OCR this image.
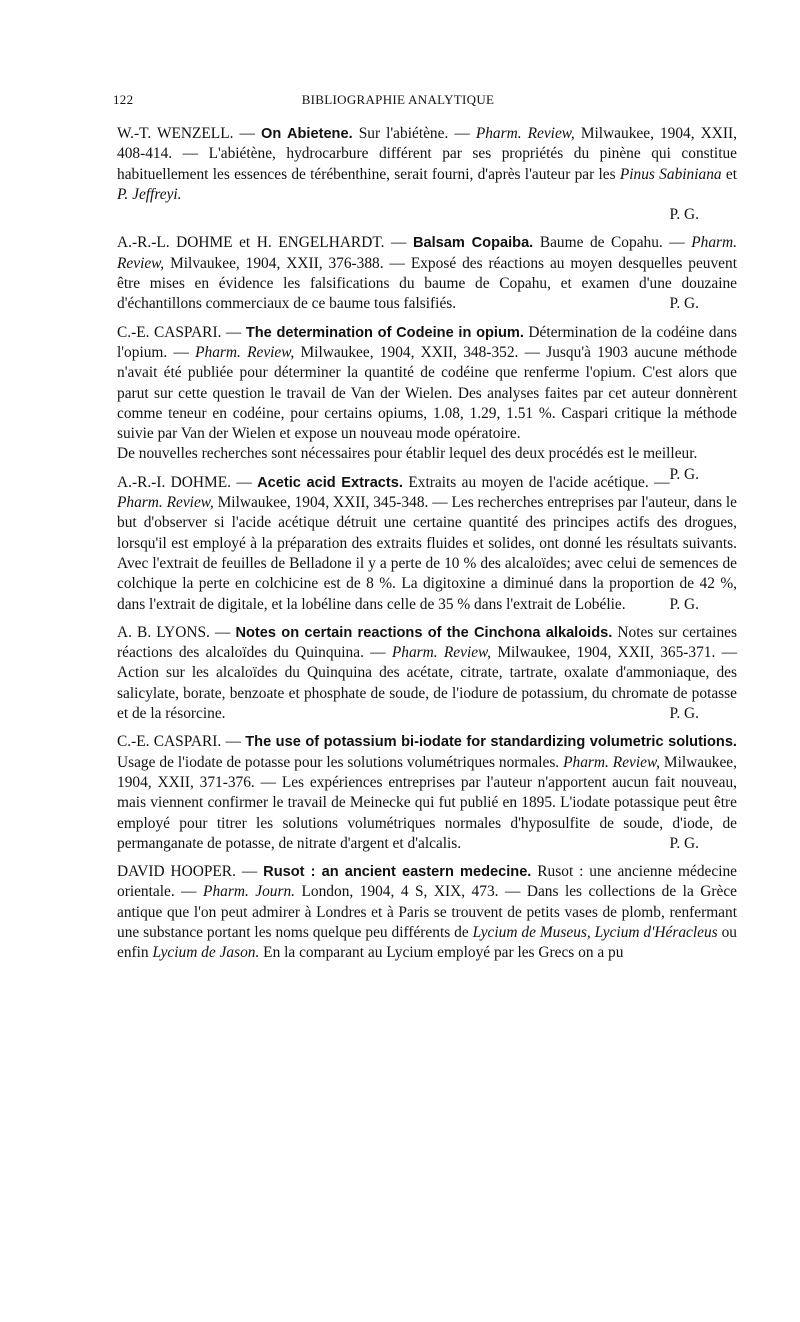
122	BIBLIOGRAPHIE ANALYTIQUE

W.-T. WENZELL. — On Abietene. Sur l'abiétène. — Pharm. Review, Milwaukee, 1904, XXII, 408-414. — L'abiétène, hydrocarbure différent par ses propriétés du pinène qui constitue habituellement les essences de térébenthine, serait fourni, d'après l'auteur par les Pinus Sabiniana et P. Jeffreyi.
P. G.

A.-R.-L. DOHME et H. ENGELHARDT. — Balsam Copaiba. Baume de Copahu. — Pharm. Review, Milvaukee, 1904, XXII, 376-388. — Exposé des réactions au moyen desquelles peuvent être mises en évidence les falsifications du baume de Copahu, et examen d'une douzaine d'échantillons commerciaux de ce baume tous falsifiés.	P. G.

C.-E. CASPARI. — The determination of Codeine in opium. Détermination de la codéine dans l'opium. — Pharm. Review, Milwaukee, 1904, XXII, 348-352. — Jusqu'à 1903 aucune méthode n'avait été publiée pour déterminer la quantité de codéine que renferme l'opium. C'est alors que parut sur cette question le travail de Van der Wielen. Des analyses faites par cet auteur donnèrent comme teneur en codéine, pour certains opiums, 1.08, 1.29, 1.51 %. Caspari critique la méthode suivie par Van der Wielen et expose un nouveau mode opératoire.
De nouvelles recherches sont nécessaires pour établir lequel des deux procédés est le meilleur.
P. G.

A.-R.-I. DOHME. — Acetic acid Extracts. Extraits au moyen de l'acide acétique. — Pharm. Review, Milwaukee, 1904, XXII, 345-348. — Les recherches entreprises par l'auteur, dans le but d'observer si l'acide acétique détruit une certaine quantité des principes actifs des drogues, lorsqu'il est employé à la préparation des extraits fluides et solides, ont donné les résultats suivants. Avec l'extrait de feuilles de Belladone il y a perte de 10 % des alcaloïdes; avec celui de semences de colchique la perte en colchicine est de 8 %. La digitoxine a diminué dans la proportion de 42 %, dans l'extrait de digitale, et la lobéline dans celle de 35 % dans l'extrait de Lobélie.	P. G.

A. B. LYONS. — Notes on certain reactions of the Cinchona alkaloids. Notes sur certaines réactions des alcaloïdes du Quinquina. — Pharm. Review, Milwaukee, 1904, XXII, 365-371. — Action sur les alcaloïdes du Quinquina des acétate, citrate, tartrate, oxalate d'ammoniaque, des salicylate, borate, benzoate et phosphate de soude, de l'iodure de potassium, du chromate de potasse et de la résorcine.	P. G.

C.-E. CASPARI. — The use of potassium bi-iodate for standardizing volumetric solutions. Usage de l'iodate de potasse pour les solutions volumétriques normales. Pharm. Review, Milwaukee, 1904, XXII, 371-376. — Les expériences entreprises par l'auteur n'apportent aucun fait nouveau, mais viennent confirmer le travail de Meinecke qui fut publié en 1895. L'iodate potassique peut être employé pour titrer les solutions volumétriques normales d'hyposulfite de soude, d'iode, de permanganate de potasse, de nitrate d'argent et d'alcalis.	P. G.

DAVID HOOPER. — Rusot : an ancient eastern medecine. Rusot : une ancienne médecine orientale. — Pharm. Journ. London, 1904, 4 S, XIX, 473. — Dans les collections de la Grèce antique que l'on peut admirer à Londres et à Paris se trouvent de petits vases de plomb, renfermant une substance portant les noms quelque peu différents de Lycium de Museus, Lycium d'Héracleus ou enfin Lycium de Jason. En la comparant au Lycium employé par les Grecs on a pu
